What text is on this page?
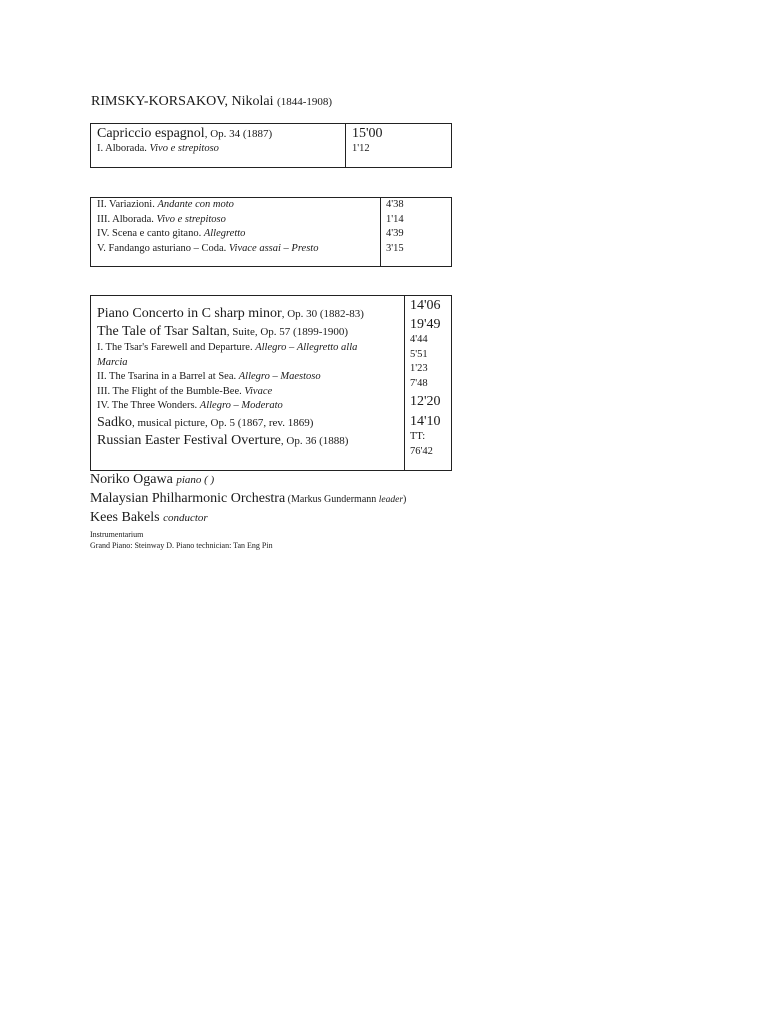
RIMSKY-KORSAKOV, Nikolai (1844-1908)
Capriccio espagnol, Op. 34 (1887)
I. Alborada. Vivo e strepitoso
15'00
1'12
II. Variazioni. Andante con moto
III. Alborada. Vivo e strepitoso
IV. Scena e canto gitano. Allegretto
V. Fandango asturiano – Coda. Vivace assai – Presto
4'38
1'14
4'39
3'15
Piano Concerto in C sharp minor, Op. 30 (1882-83)
The Tale of Tsar Saltan, Suite, Op. 57 (1899-1900)
I. The Tsar's Farewell and Departure. Allegro – Allegretto alla
Marcia
II. The Tsarina in a Barrel at Sea. Allegro – Maestoso
III. The Flight of the Bumble-Bee. Vivace
IV. The Three Wonders. Allegro – Moderato
Sadko, musical picture, Op. 5 (1867, rev. 1869)
Russian Easter Festival Overture, Op. 36 (1888)
14'06
19'49
4'44
5'51
1'23
7'48
12'20
14'10
TT:
76'42
Noriko Ogawa piano ( )
Malaysian Philharmonic Orchestra (Markus Gundermann leader)
Kees Bakels conductor
Instrumentarium
Grand Piano: Steinway D. Piano technician: Tan Eng Pin
